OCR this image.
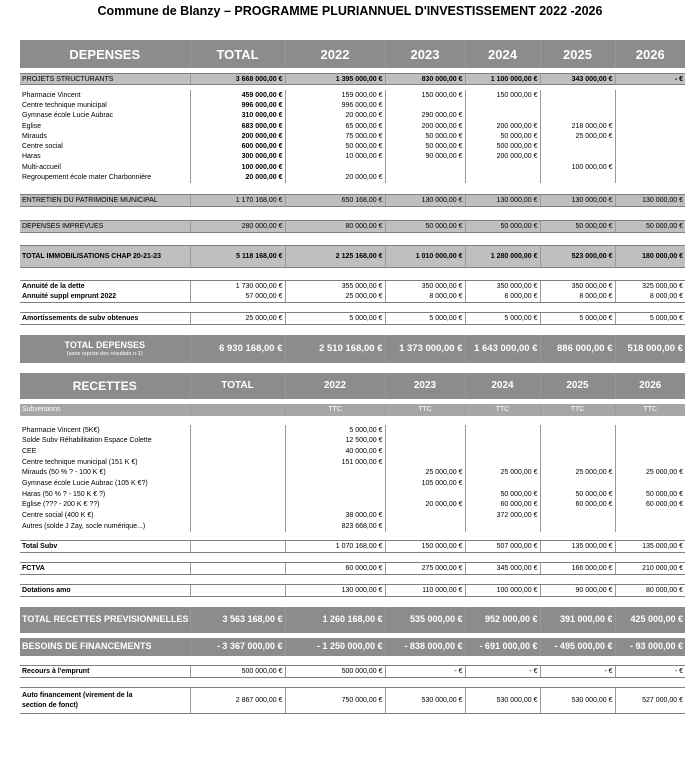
Commune de Blanzy – PROGRAMME PLURIANNUEL D'INVESTISSEMENT 2022 -2026
DEPENSES	TOTAL	2022	2023	2024	2025	2026

PROJETS STRUCTURANTS	3 668 000,00 €	1 395 000,00 €	830 000,00 €	1 100 000,00 €	343 000,00 €	- €

Pharmacie Vincent	459 000,00 €	159 000,00 €	150 000,00 €	150 000,00 €		
Centre technique municipal	996 000,00 €	996 000,00 €				
Gymnase école Lucie Aubrac	310 000,00 €	20 000,00 €	290 000,00 €			
Eglise	683 000,00 €	65 000,00 €	200 000,00 €	200 000,00 €	218 000,00 €	
Mirauds	200 000,00 €	75 000,00 €	50 000,00 €	50 000,00 €	25 000,00 €	
Centre social	600 000,00 €	50 000,00 €	50 000,00 €	500 000,00 €		
Haras	300 000,00 €	10 000,00 €	90 000,00 €	200 000,00 €		
Multi-accueil	100 000,00 €				100 000,00 €	
Regroupement école mater Charbonnière	20 000,00 €	20 000,00 €				

ENTRETIEN DU PATRIMOINE MUNICIPAL	1 170 168,00 €	650 168,00 €	130 000,00 €	130 000,00 €	130 000,00 €	130 000,00 €

DEPENSES IMPREVUES	280 000,00 €	80 000,00 €	50 000,00 €	50 000,00 €	50 000,00 €	50 000,00 €

TOTAL IMMOBILISATIONS CHAP 20-21-23	5 118 168,00 €	2 125 168,00 €	1 010 000,00 €	1 280 000,00 €	523 000,00 €	180 000,00 €

Annuité de la dette	1 730 000,00 €	355 000,00 €	350 000,00 €	350 000,00 €	350 000,00 €	325 000,00 €
Annuité suppl emprunt 2022	57 000,00 €	25 000,00 €	8 000,00 €	8 000,00 €	8 000,00 €	8 000,00 €

Amortissements de subv obtenues	25 000,00 €	5 000,00 €	5 000,00 €	5 000,00 €	5 000,00 €	5 000,00 €

TOTAL DEPENSES
(sans reprise des résultats n-1)	6 930 168,00 €	2 510 168,00 €	1 373 000,00 €	1 643 000,00 €	886 000,00 €	518 000,00 €

RECETTES	TOTAL	2022	2023	2024	2025	2026

Subventions		TTC	TTC	TTC	TTC	TTC

Pharmacie Vincent (5K€)		5 000,00 €				
Solde Subv Réhabilitation Espace Colette		12 500,00 €				
CEE		40 000,00 €				
Centre technique municipal (151 K €)		151 000,00 €				
Mirauds (50 % ? - 100 K €)			25 000,00 €	25 000,00 €	25 000,00 €	25 000,00 €
Gymnase école Lucie Aubrac (105 K €?)			105 000,00 €			
Haras (50 % ? - 150 K € ?)				50 000,00 €	50 000,00 €	50 000,00 €
Eglise (??? - 200 K € ??)			20 000,00 €	60 000,00 €	60 000,00 €	60 000,00 €
Centre social (400 K €)		38 000,00 €		372 000,00 €		
Autres (solde J Zay, socle numérique...)		823 668,00 €				

Total Subv		1 070 168,00 €	150 000,00 €	507 000,00 €	135 000,00 €	135 000,00 €

FCTVA		60 000,00 €	275 000,00 €	345 000,00 €	166 000,00 €	210 000,00 €

Dotations amo		130 000,00 €	110 000,00 €	100 000,00 €	90 000,00 €	80 000,00 €

TOTAL RECETTES PREVISIONNELLES	3 563 168,00 €	1 260 168,00 €	535 000,00 €	952 000,00 €	391 000,00 €	425 000,00 €

BESOINS DE FINANCEMENTS	- 3 367 000,00 €	- 1 250 000,00 €	- 838 000,00 €	- 691 000,00 €	- 495 000,00 €	- 93 000,00 €

Recours à l'emprunt	500 000,00 €	500 000,00 €	- €	- €	- €	- €

Auto financement (virement de la
section de fonct)	2 867 000,00 €	750 000,00 €	530 000,00 €	530 000,00 €	530 000,00 €	527 000,00 €
